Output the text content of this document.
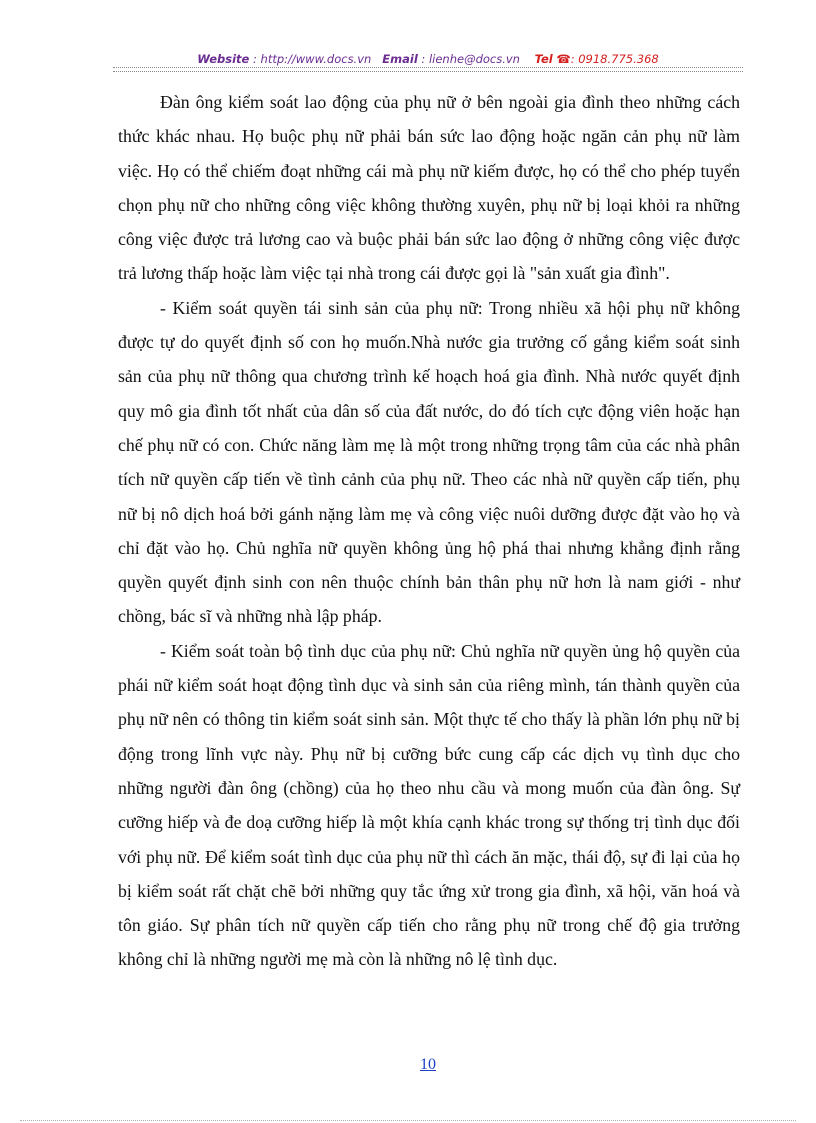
Website : http://www.docs.vn Email : lienhe@docs.vn Tel ☎: 0918.775.368

Đàn ông kiểm soát lao động của phụ nữ ở bên ngoài gia đình theo những cách thức khác nhau. Họ buộc phụ nữ phải bán sức lao động hoặc ngăn cản phụ nữ làm việc. Họ có thể chiếm đoạt những cái mà phụ nữ kiếm được, họ có thể cho phép tuyển chọn phụ nữ cho những công việc không thường xuyên, phụ nữ bị loại khỏi ra những công việc được trả lương cao và buộc phải bán sức lao động ở những công việc được trả lương thấp hoặc làm việc tại nhà trong cái được gọi là "sản xuất gia đình".

- Kiểm soát quyền tái sinh sản của phụ nữ: Trong nhiều xã hội phụ nữ không được tự do quyết định số con họ muốn.Nhà nước gia trưởng cố gắng kiểm soát sinh sản của phụ nữ thông qua chương trình kế hoạch hoá gia đình. Nhà nước quyết định quy mô gia đình tốt nhất của dân số của đất nước, do đó tích cực động viên hoặc hạn chế phụ nữ có con. Chức năng làm mẹ là một trong những trọng tâm của các nhà phân tích nữ quyền cấp tiến về tình cảnh của phụ nữ. Theo các nhà nữ quyền cấp tiến, phụ nữ bị nô dịch hoá bởi gánh nặng làm mẹ và công việc nuôi dưỡng được đặt vào họ và chỉ đặt vào họ. Chủ nghĩa nữ quyền không ủng hộ phá thai nhưng khẳng định rằng quyền quyết định sinh con nên thuộc chính bản thân phụ nữ hơn là nam giới - như chồng, bác sĩ và những nhà lập pháp.

- Kiểm soát toàn bộ tình dục của phụ nữ: Chủ nghĩa nữ quyền ủng hộ quyền của phái nữ kiểm soát hoạt động tình dục và sinh sản của riêng mình, tán thành quyền của phụ nữ nên có thông tin kiểm soát sinh sản. Một thực tế cho thấy là phần lớn phụ nữ bị động trong lĩnh vực này. Phụ nữ bị cưỡng bức cung cấp các dịch vụ tình dục cho những người đàn ông (chồng) của họ theo nhu cầu và mong muốn của đàn ông. Sự cưỡng hiếp và đe doạ cưỡng hiếp là một khía cạnh khác trong sự thống trị tình dục đối với phụ nữ. Để kiểm soát tình dục của phụ nữ thì cách ăn mặc, thái độ, sự đi lại của họ bị kiểm soát rất chặt chẽ bởi những quy tắc ứng xử trong gia đình, xã hội, văn hoá và tôn giáo. Sự phân tích nữ quyền cấp tiến cho rằng phụ nữ trong chế độ gia trưởng không chỉ là những người mẹ mà còn là những nô lệ tình dục.

10
